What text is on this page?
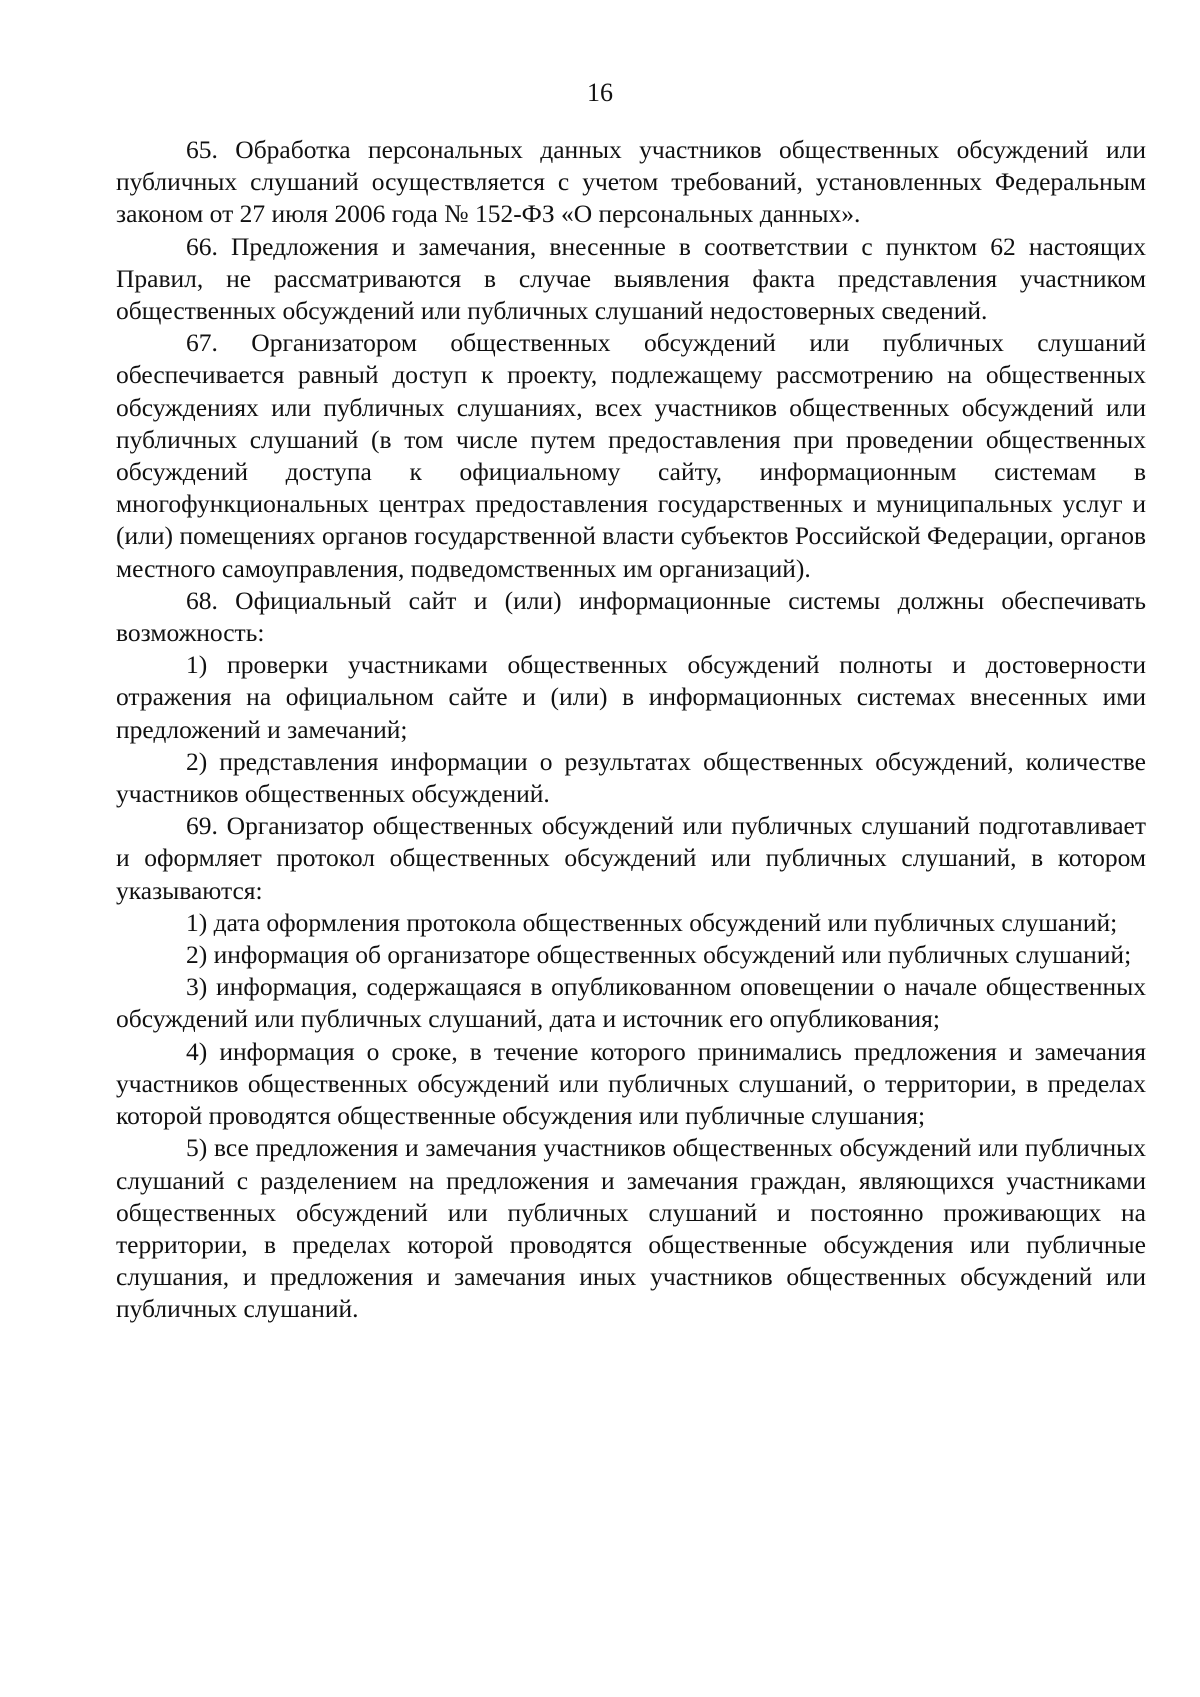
16

65. Обработка персональных данных участников общественных обсуждений или публичных слушаний осуществляется с учетом требований, установленных Федеральным законом от 27 июля 2006 года № 152-ФЗ «О персональных данных».

66. Предложения и замечания, внесенные в соответствии с пунктом 62 настоящих Правил, не рассматриваются в случае выявления факта представления участником общественных обсуждений или публичных слушаний недостоверных сведений.

67. Организатором общественных обсуждений или публичных слушаний обеспечивается равный доступ к проекту, подлежащему рассмотрению на общественных обсуждениях или публичных слушаниях, всех участников общественных обсуждений или публичных слушаний (в том числе путем предоставления при проведении общественных обсуждений доступа к официальному сайту, информационным системам в многофункциональных центрах предоставления государственных и муниципальных услуг и (или) помещениях органов государственной власти субъектов Российской Федерации, органов местного самоуправления, подведомственных им организаций).

68. Официальный сайт и (или) информационные системы должны обеспечивать возможность:

1) проверки участниками общественных обсуждений полноты и достоверности отражения на официальном сайте и (или) в информационных системах внесенных ими предложений и замечаний;

2) представления информации о результатах общественных обсуждений, количестве участников общественных обсуждений.

69. Организатор общественных обсуждений или публичных слушаний подготавливает и оформляет протокол общественных обсуждений или публичных слушаний, в котором указываются:

1) дата оформления протокола общественных обсуждений или публичных слушаний;

2) информация об организаторе общественных обсуждений или публичных слушаний;

3) информация, содержащаяся в опубликованном оповещении о начале общественных обсуждений или публичных слушаний, дата и источник его опубликования;

4) информация о сроке, в течение которого принимались предложения и замечания участников общественных обсуждений или публичных слушаний, о территории, в пределах которой проводятся общественные обсуждения или публичные слушания;

5) все предложения и замечания участников общественных обсуждений или публичных слушаний с разделением на предложения и замечания граждан, являющихся участниками общественных обсуждений или публичных слушаний и постоянно проживающих на территории, в пределах которой проводятся общественные обсуждения или публичные слушания, и предложения и замечания иных участников общественных обсуждений или публичных слушаний.
